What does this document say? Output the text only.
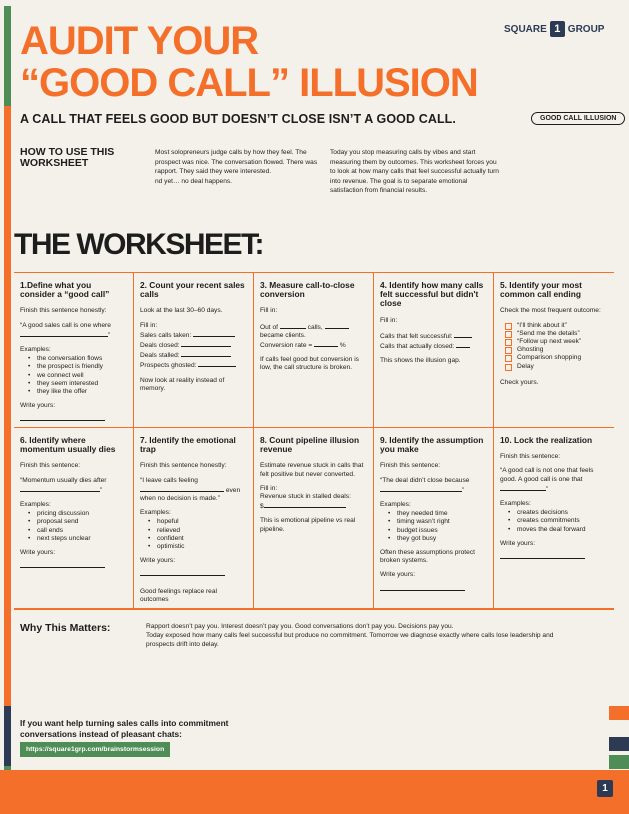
AUDIT YOUR
“GOOD CALL” ILLUSION
SQUARE 1 GROUP
A CALL THAT FEELS GOOD BUT DOESN’T CLOSE ISN’T A GOOD CALL.	GOOD CALL ILLUSION
HOW TO USE THIS WORKSHEET
Most solopreneurs judge calls by how they feel. The prospect was nice. The conversation flowed. There was rapport. They said they were interested.
nd yet… no deal happens.
Today you stop measuring calls by vibes and start measuring them by outcomes. This worksheet forces you to look at how many calls that feel successful actually turn into revenue. The goal is to separate emotional satisfaction from financial results.
THE WORKSHEET:
1.Define what you consider a “good call”

Finish this sentence honestly:

“A good sales call is one where
”

Examples:
• the conversation flows
• the prospect is friendly
• we connect well
• they seem interested
• they like the offer
Write yours:
2. Count your recent sales calls

Look at the last 30–60 days.

Fill in:
Sales calls taken:
Deals closed:
Deals stalled:
Prospects ghosted:

Now look at reality instead of memory.

3. Measure call-to-close conversion
Fill in:
Out of	calls,
became clients.
Conversion rate =	%

If calls feel good but conversion is low, the call structure is broken.

4. Identify how many calls felt successful but didn't close
Fill in:
Calls that felt successful:
Calls that actually closed:

This shows the illusion gap.

5. Identify your most common call ending

Check the most frequent outcome:

“I’ll think about it”
“Send me the details”
“Follow up next week”
Ghosting
Comparison shopping
Delay

Check yours.

6. Identify where momentum usually dies

Finish this sentence:

“Momentum usually dies after
”

Examples:
• pricing discussion
• proposal send
• call ends
• next steps unclear
Write yours:
7. Identify the emotional trap

Finish this sentence honestly:

“I leave calls feeling
even when no decision is made.”

Examples:
• hopeful
• relieved
• confident
• optimistic
Write yours:

Good feelings replace real outcomes

8. Count pipeline illusion revenue

Estimate revenue stuck in calls that felt positive but never converted.

Fill in:
Revenue stuck in stalled deals:
$

This is emotional pipeline vs real pipeline.

9. Identify the assumption you make

Finish this sentence:

“The deal didn’t close because
”

Examples:
• they needed time
• timing wasn’t right
• budget issues
• they got busy

Often these assumptions protect broken systems.

Write yours:
10. Lock the realization

Finish this sentence:

“A good call is not one that feels good. A good call is one that ”

Examples:
• creates decisions
• creates commitments
• moves the deal forward
Write yours:
Why This Matters:	Rapport doesn’t pay you. Interest doesn’t pay you. Good conversations don’t pay you. Decisions pay you.
Today exposed how many calls feel successful but produce no commitment. Tomorrow we diagnose exactly where calls lose leadership and prospects drift into delay.
If you want help turning sales calls into commitment conversations instead of pleasant chats:
https://square1grp.com/brainstormsession
1
